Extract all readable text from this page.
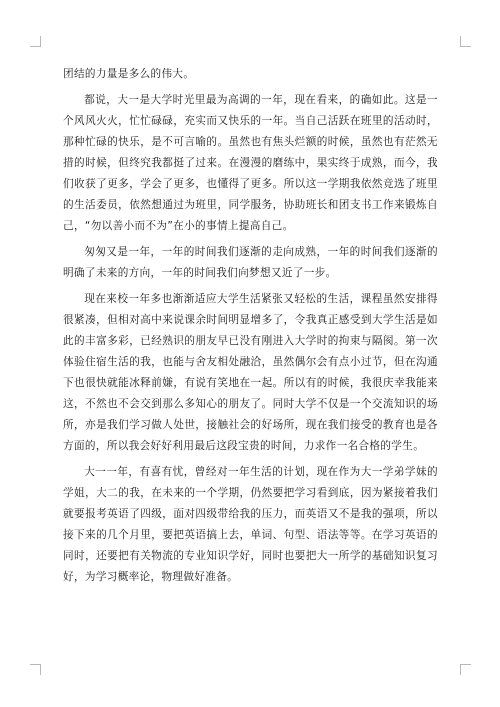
团结的力量是多么的伟大。

都说，大一是大学时光里最为高调的一年，现在看来，的确如此。这是一个风风火火，忙忙碌碌，充实而又快乐的一年。当自己活跃在班里的活动时，那种忙碌的快乐，是不可言喻的。虽然也有焦头烂额的时候，虽然也有茫然无措的时候，但终究我都挺了过来。在漫漫的磨练中，果实终于成熟，而今，我们收获了更多，学会了更多，也懂得了更多。所以这一学期我依然竞选了班里的生活委员，依然想通过为班里，同学服务，协助班长和团支书工作来锻炼自己，“勿以善小而不为”在小的事情上提高自己。

匆匆又是一年，一年的时间我们逐渐的走向成熟，一年的时间我们逐渐的明确了未来的方向，一年的时间我们向梦想又近了一步。

现在来校一年多也渐渐适应大学生活紧张又轻松的生活，课程虽然安排得很紧凑，但相对高中来说课余时间明显增多了，令我真正感受到大学生活是如此的丰富多彩，已经熟识的朋友早已没有刚进入大学时的拘束与隔阂。第一次体验住宿生活的我，也能与舍友相处融洽，虽然偶尔会有点小过节，但在沟通下也很快就能冰释前嫌，有说有笑地在一起。所以有的时候，我很庆幸我能来这，不然也不会交到那么多知心的朋友了。同时大学不仅是一个交流知识的场所，亦是我们学习做人处世，接触社会的好场所，现在我们接受的教育也是各方面的，所以我会好好利用最后这段宝贵的时间，力求作一名合格的学生。

大一一年，有喜有忧，曾经对一年生活的计划，现在作为大一学弟学妹的学姐，大二的我，在未来的一个学期，仍然要把学习看到底，因为紧接着我们就要报考英语了四级，面对四级带给我的压力，而英语又不是我的强项，所以接下来的几个月里，要把英语搞上去，单词、句型、语法等等。在学习英语的同时，还要把有关物流的专业知识学好，同时也要把大一所学的基础知识复习好，为学习概率论，物理做好准备。
